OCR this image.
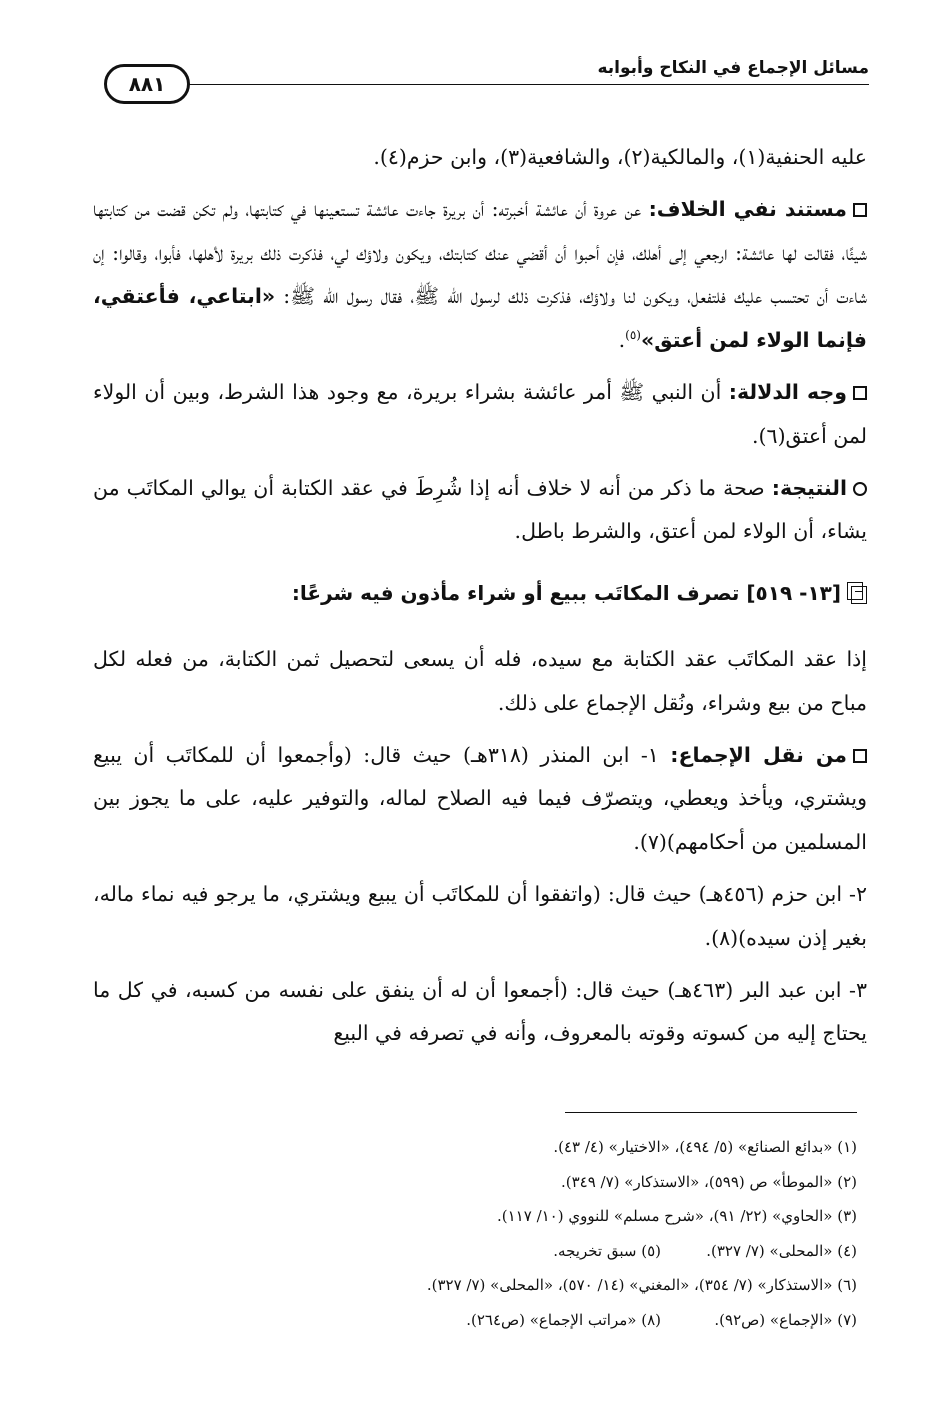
مسائل الإجماع في النكاح وأبوابه
٨٨١

عليه الحنفية(١)، والمالكية(٢)، والشافعية(٣)، وابن حزم(٤).

مستند نفي الخلاف: عن عروة أن عائشة أخبرته: أن بريرة جاءت عائشة تستعينها في كتابتها، ولم تكن قضت من كتابتها شيئًا، فقالت لها عائشة: ارجعي إلى أهلك، فإن أحبوا أن أقضي عنك كتابتك، ويكون ولاؤك لي، فذكرت ذلك بريرة لأهلها، فأبوا، وقالوا: إن شاءت أن تحتسب عليك فلتفعل، ويكون لنا ولاؤك، فذكرت ذلك لرسول الله ﷺ، فقال رسول الله ﷺ: «ابتاعي، فأعتقي، فإنما الولاء لمن أعتق»$^{(٥)}$.

وجه الدلالة: أن النبي ﷺ أمر عائشة بشراء بريرة، مع وجود هذا الشرط، وبين أن الولاء لمن أعتق(٦).

النتيجة: صحة ما ذكر من أنه لا خلاف أنه إذا شُرِطَ في عقد الكتابة أن يوالي المكاتَب من يشاء، أن الولاء لمن أعتق، والشرط باطل.

[١٣- ٥١٩] تصرف المكاتَب ببيع أو شراء مأذون فيه شرعًا:

إذا عقد المكاتَب عقد الكتابة مع سيده، فله أن يسعى لتحصيل ثمن الكتابة، من فعله لكل مباح من بيع وشراء، ونُقل الإجماع على ذلك.

من نقل الإجماع: ١- ابن المنذر (٣١٨هـ) حيث قال: (وأجمعوا أن للمكاتَب أن يبيع ويشتري، ويأخذ ويعطي، ويتصرّف فيما فيه الصلاح لماله، والتوفير عليه، على ما يجوز بين المسلمين من أحكامهم)(٧).

٢- ابن حزم (٤٥٦هـ) حيث قال: (واتفقوا أن للمكاتَب أن يبيع ويشتري، ما يرجو فيه نماء ماله، بغير إذن سيده)(٨).

٣- ابن عبد البر (٤٦٣هـ) حيث قال: (أجمعوا أن له أن ينفق على نفسه من كسبه، في كل ما يحتاج إليه من كسوته وقوته بالمعروف، وأنه في تصرفه في البيع

(١) «بدائع الصنائع» (٥/ ٤٩٤)، «الاختيار» (٤/ ٤٣).
(٢) «الموطأ» ص (٥٩٩)، «الاستذكار» (٧/ ٣٤٩).
(٣) «الحاوي» (٢٢/ ٩١)، «شرح مسلم» للنووي (١٠/ ١١٧).
(٤) «المحلى» (٧/ ٣٢٧).
(٥) سبق تخريجه.
(٦) «الاستذكار» (٧/ ٣٥٤)، «المغني» (١٤/ ٥٧٠)، «المحلى» (٧/ ٣٢٧).
(٧) «الإجماع» (ص٩٢).
(٨) «مراتب الإجماع» (ص٢٦٤).
